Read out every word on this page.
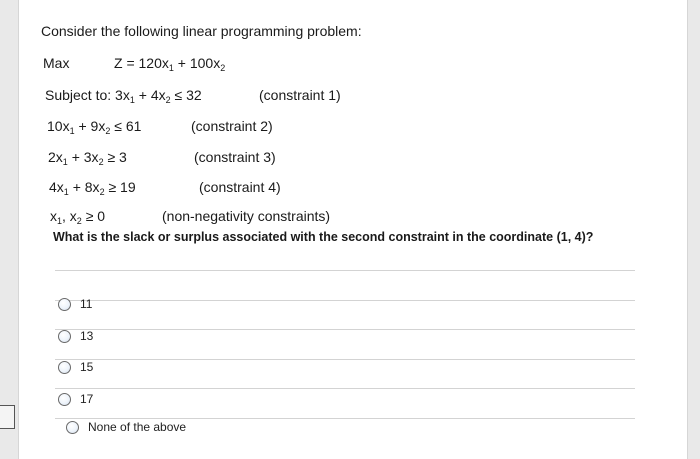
Consider the following linear programming problem:
Max	$Z = 120x_1 + 100x_2$
Subject to: $3x_1 + 4x_2 \le 32$	(constraint 1)
$10x_1 + 9x_2 \le 61$	(constraint 2)
$2x_1 + 3x_2 \ge 3$	(constraint 3)
$4x_1 + 8x_2 \ge 19$	(constraint 4)
$x_1$, $x_2 \ge 0$	(non-negativity constraints)
What is the slack or surplus associated with the second constraint in the coordinate (1, 4)?
11
13
15
17
None of the above
